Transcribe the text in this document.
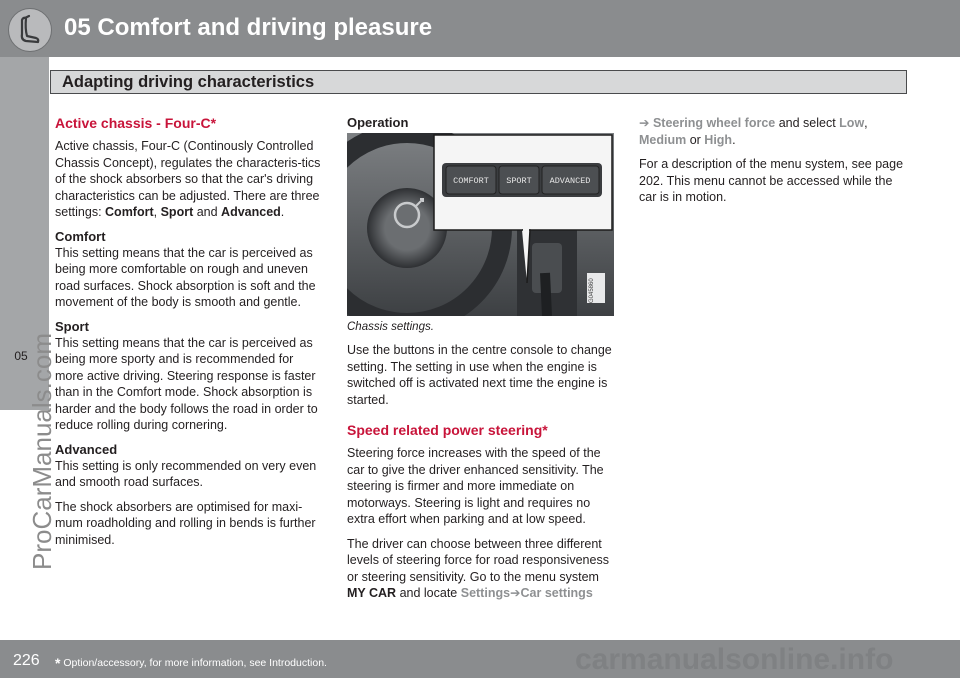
05 Comfort and driving pleasure
Adapting driving characteristics
05
ProCarManuals.com
Active chassis - Four-C*

Active chassis, Four-C (Continously Controlled Chassis Concept), regulates the characteris-tics of the shock absorbers so that the car's driving characteristics can be adjusted. There are three settings: Comfort, Sport and Advanced.

Comfort

This setting means that the car is perceived as being more comfortable on rough and uneven road surfaces. Shock absorption is soft and the movement of the body is smooth and gentle.

Sport

This setting means that the car is perceived as being more sporty and is recommended for more active driving. Steering response is faster than in the Comfort mode. Shock absorption is harder and the body follows the road in order to reduce rolling during cornering.

Advanced

This setting is only recommended on very even and smooth road surfaces.

The shock absorbers are optimised for maxi-mum roadholding and rolling in bends is further minimised.

Operation
G045860
COMFORT SPORT ADVANCED
Chassis settings.

Use the buttons in the centre console to change setting. The setting in use when the engine is switched off is activated next time the engine is started.

Speed related power steering*

Steering force increases with the speed of the car to give the driver enhanced sensitivity. The steering is firmer and more immediate on motorways. Steering is light and requires no extra effort when parking and at low speed.

The driver can choose between three different levels of steering force for road responsiveness or steering sensitivity. Go to the menu system
MY CAR and locate Settings➔Car settings

➔ Steering wheel force and select Low,
Medium or High.

For a description of the menu system, see page 202. This menu cannot be accessed while the car is in motion.

226 * Option/accessory, for more information, see Introduction.	carmanualsonline.info
